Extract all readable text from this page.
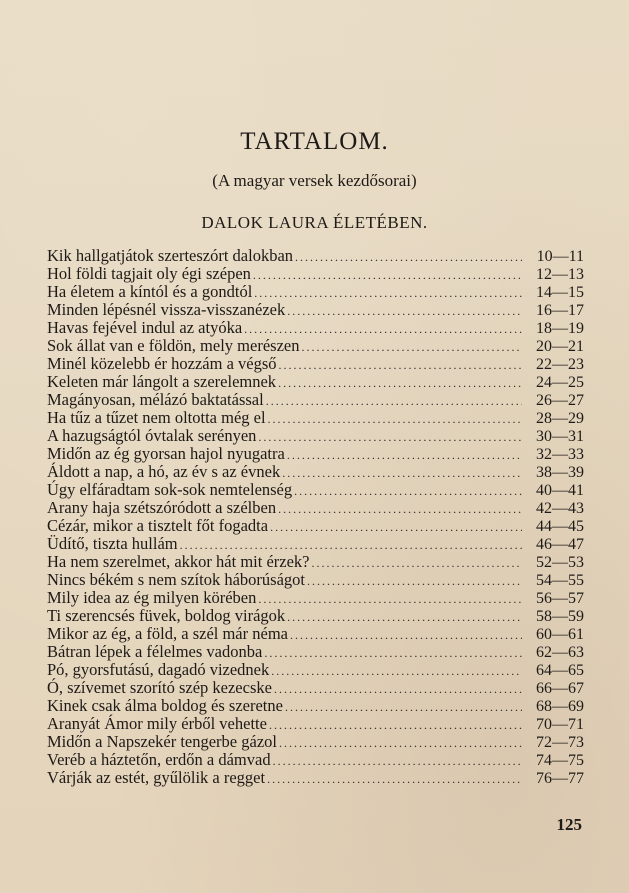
TARTALOM.
(A magyar versek kezdősorai)
DALOK LAURA ÉLETÉBEN.
Kik hallgatjátok szerteszórt dalokban .....	10—11
Hol földi tagjait oly égi szépen .....	12—13
Ha életem a kíntól és a gondtól .....	14—15
Minden lépésnél vissza-visszanézek .....	16—17
Havas fejével indul az atyóka .....	18—19
Sok állat van e földön, mely merészen .....	20—21
Minél közelebb ér hozzám a végső .....	22—23
Keleten már lángolt a szerelemnek .....	24—25
Magányosan, mélázó baktatással .....	26—27
Ha tűz a tűzet nem oltotta még el .....	28—29
A hazugságtól óvtalak serényen .....	30—31
Midőn az ég gyorsan hajol nyugatra .....	32—33
Áldott a nap, a hó, az év s az évnek .....	38—39
Úgy elfáradtam sok-sok nemtelenség .....	40—41
Arany haja szétszóródott a szélben .....	42—43
Cézár, mikor a tisztelt főt fogadta .....	44—45
Üdítő, tiszta hullám .....	46—47
Ha nem szerelmet, akkor hát mit érzek? .....	52—53
Nincs békém s nem szítok háborúságot .....	54—55
Mily idea az ég milyen körében .....	56—57
Ti szerencsés füvek, boldog virágok .....	58—59
Mikor az ég, a föld, a szél már néma .....	60—61
Bátran lépek a félelmes vadonba .....	62—63
Pó, gyorsfutású, dagadó vizednek .....	64—65
Ó, szívemet szorító szép kezecske .....	66—67
Kinek csak álma boldog és szeretne .....	68—69
Aranyát Ámor mily érből vehette .....	70—71
Midőn a Napszekér tengerbe gázol .....	72—73
Veréb a háztetőn, erdőn a dámvad .....	74—75
Várják az estét, gyűlölik a regget .....	76—77
125
